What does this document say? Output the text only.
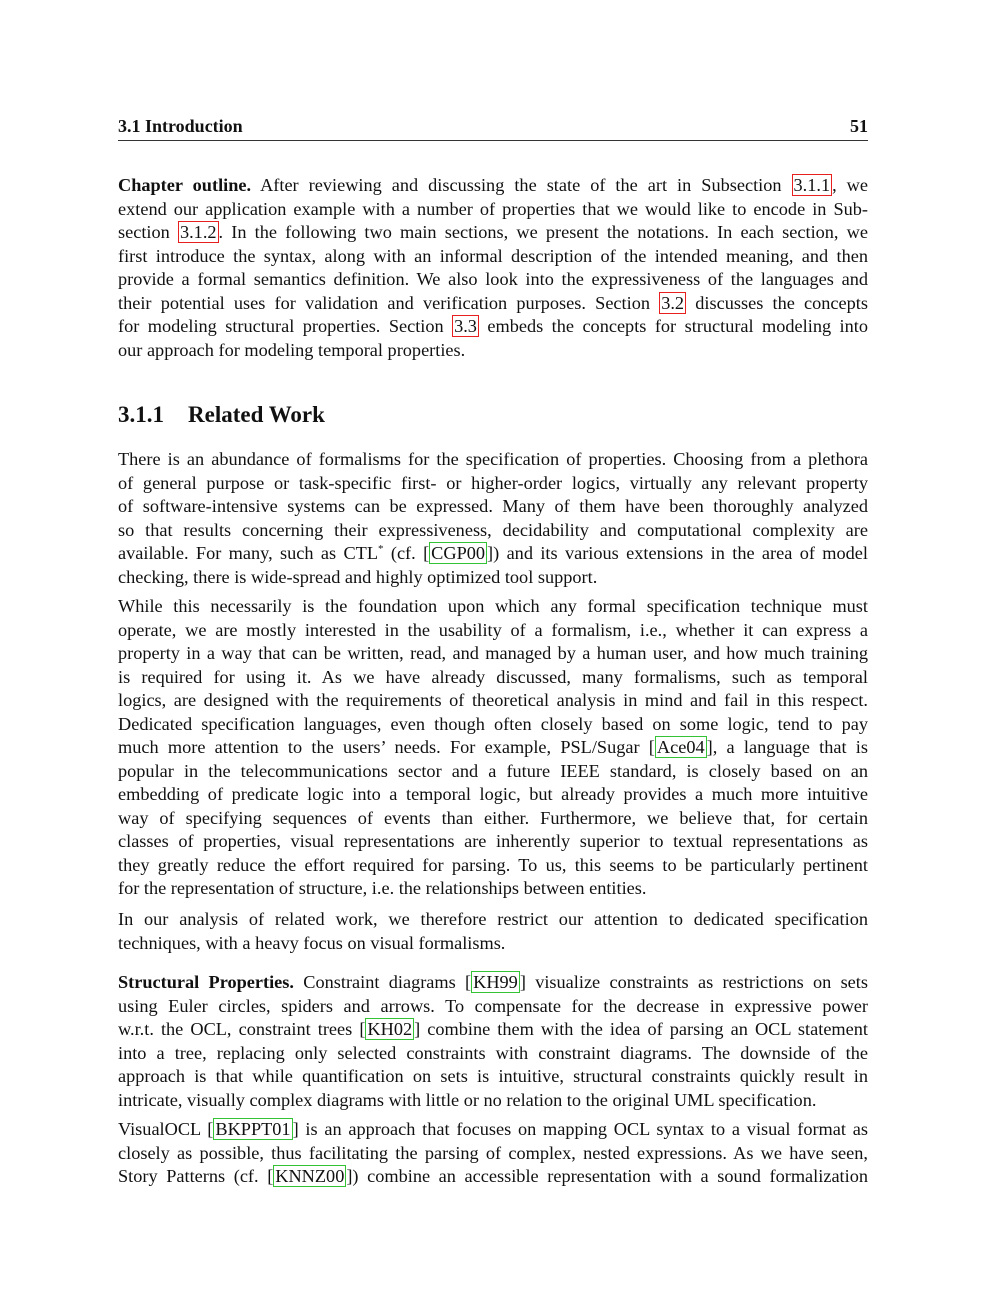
3.1 Introduction	51
Chapter outline. After reviewing and discussing the state of the art in Subsection 3.1.1 , we
extend our application example with a number of properties that we would like to encode in Sub-
section 3.1.2 . In the following two main sections, we present the notations. In each section, we
first introduce the syntax, along with an informal description of the intended meaning, and then
provide a formal semantics definition. We also look into the expressiveness of the languages and
their potential uses for validation and verification purposes. Section 3.2 discusses the concepts
for modeling structural properties. Section 3.3 embeds the concepts for structural modeling into
our approach for modeling temporal properties.
3.1.1 Related Work
There is an abundance of formalisms for the specification of properties. Choosing from a plethora
of general purpose or task-specific first- or higher-order logics, virtually any relevant property
of software-intensive systems can be expressed. Many of them have been thoroughly analyzed
so that results concerning their expressiveness, decidability and computational complexity are
available. For many, such as CTL* (cf. [ CGP00 ]) and its various extensions in the area of model
checking, there is wide-spread and highly optimized tool support.
While this necessarily is the foundation upon which any formal specification technique must
operate, we are mostly interested in the usability of a formalism, i.e., whether it can express a
property in a way that can be written, read, and managed by a human user, and how much training
is required for using it. As we have already discussed, many formalisms, such as temporal
logics, are designed with the requirements of theoretical analysis in mind and fail in this respect.
Dedicated specification languages, even though often closely based on some logic, tend to pay
much more attention to the users’ needs. For example, PSL/Sugar [ Ace04 ], a language that is
popular in the telecommunications sector and a future IEEE standard, is closely based on an
embedding of predicate logic into a temporal logic, but already provides a much more intuitive
way of specifying sequences of events than either. Furthermore, we believe that, for certain
classes of properties, visual representations are inherently superior to textual representations as
they greatly reduce the effort required for parsing. To us, this seems to be particularly pertinent
for the representation of structure, i.e. the relationships between entities.
In our analysis of related work, we therefore restrict our attention to dedicated specification
techniques, with a heavy focus on visual formalisms.
Structural Properties. Constraint diagrams [ KH99 ] visualize constraints as restrictions on sets
using Euler circles, spiders and arrows. To compensate for the decrease in expressive power
w.r.t. the OCL, constraint trees [ KH02 ] combine them with the idea of parsing an OCL statement
into a tree, replacing only selected constraints with constraint diagrams. The downside of the
approach is that while quantification on sets is intuitive, structural constraints quickly result in
intricate, visually complex diagrams with little or no relation to the original UML specification.
VisualOCL [ BKPPT01 ] is an approach that focuses on mapping OCL syntax to a visual format as
closely as possible, thus facilitating the parsing of complex, nested expressions. As we have seen,
Story Patterns (cf. [ KNNZ00 ]) combine an accessible representation with a sound formalization
